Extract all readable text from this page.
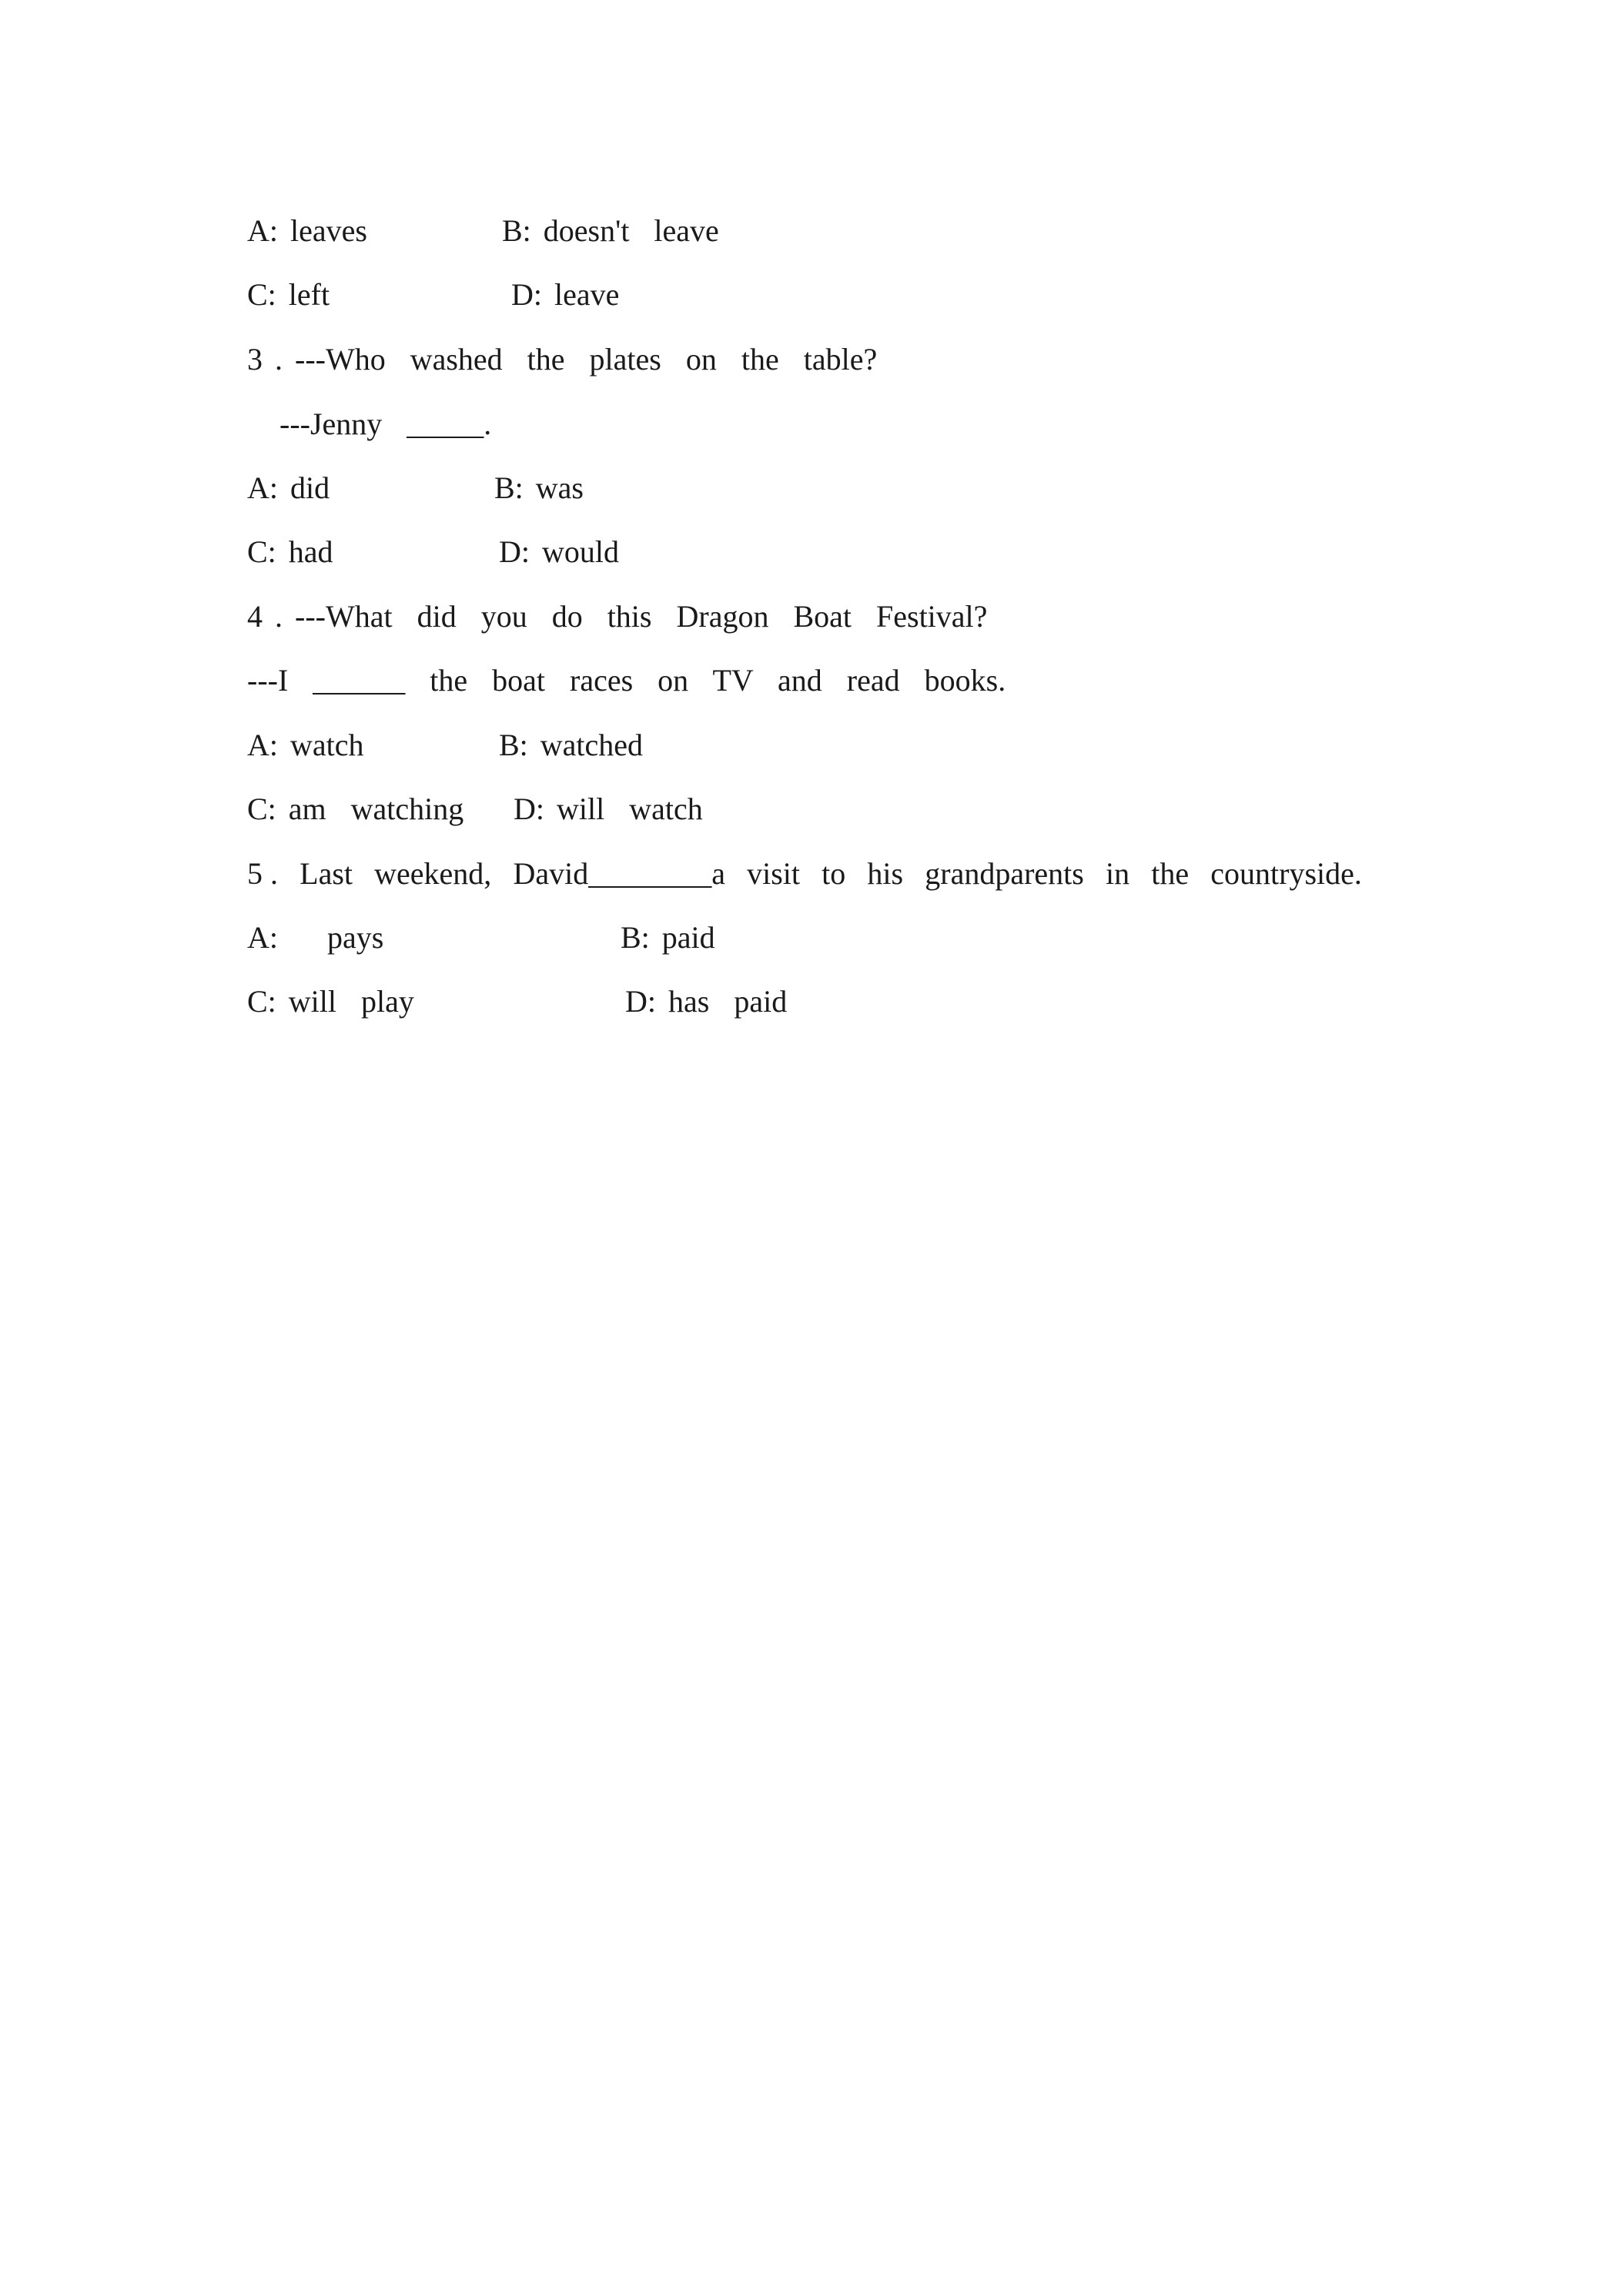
A: leaves	B: doesn't  leave
C: left	D: leave
3 . ---Who  washed  the  plates  on  the  table?
---Jenny  _____.
A: did	B: was
C: had	D: would
4 . ---What  did  you  do  this  Dragon  Boat  Festival?
---I  ______  the  boat  races  on  TV  and  read  books.
A: watch	B: watched
C: am  watching D: will  watch
5 . Last weekend, David________a visit to his grandparents in the countryside.
A:    pays	B: paid
C: will  play	D: has  paid
